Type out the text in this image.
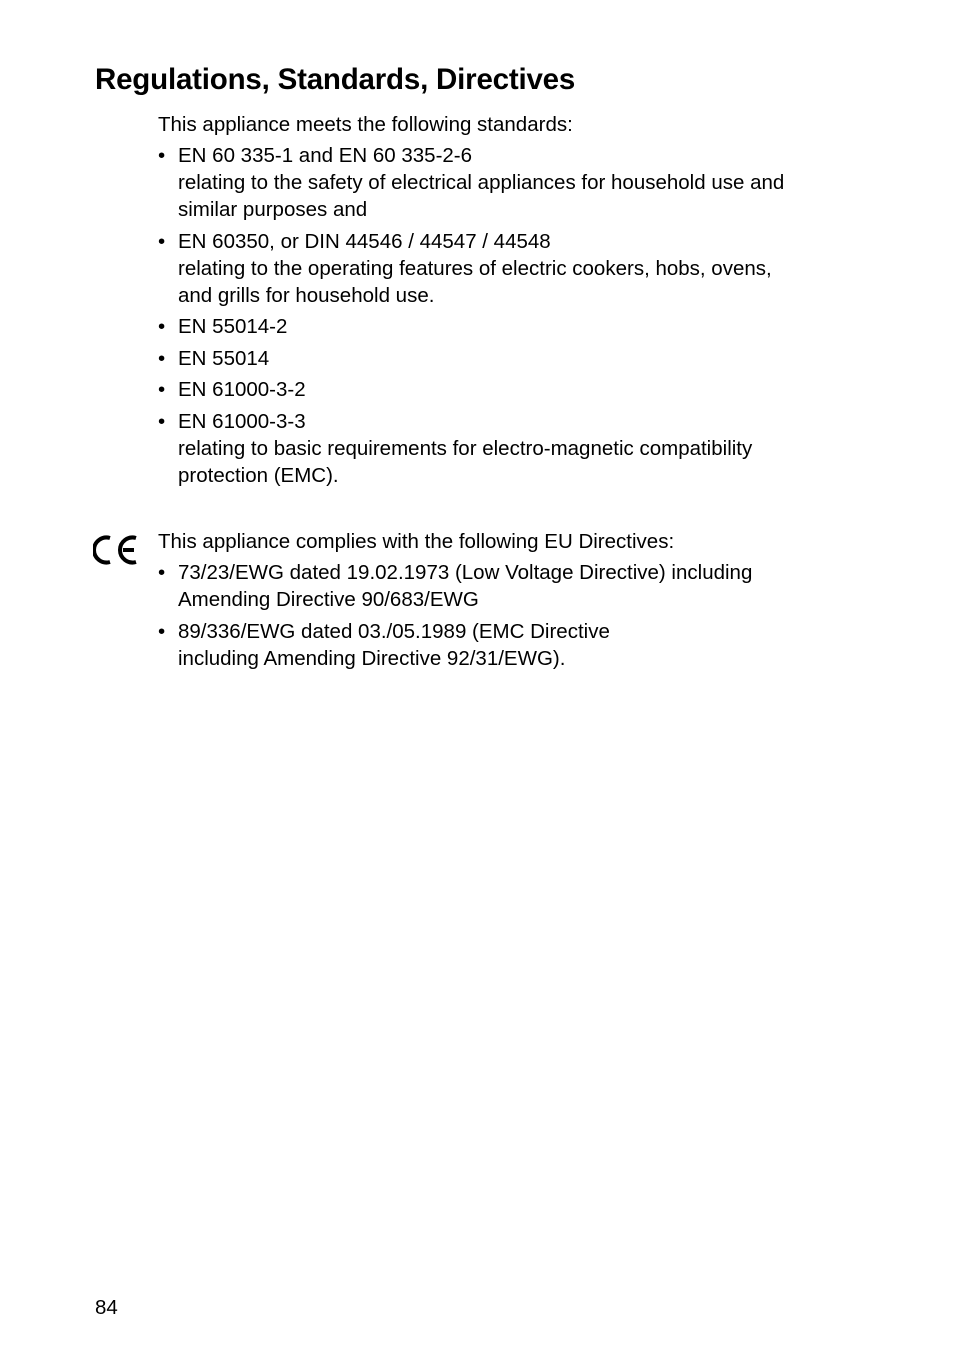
Regulations, Standards, Directives

This appliance meets the following standards:

• EN 60 335-1 and EN 60 335-2-6
relating to the safety of electrical appliances for household use and
similar purposes and
• EN 60350, or DIN 44546 / 44547 / 44548
relating to the operating features of electric cookers, hobs, ovens,
and grills for household use.
• EN 55014-2
• EN 55014
• EN 61000-3-2
• EN 61000-3-3
relating to basic requirements for electro-magnetic compatibility
protection (EMC).

This appliance complies with the following EU Directives:

• 73/23/EWG dated 19.02.1973 (Low Voltage Directive) including
Amending Directive 90/683/EWG
• 89/336/EWG dated 03./05.1989 (EMC Directive
including Amending Directive 92/31/EWG).
84
